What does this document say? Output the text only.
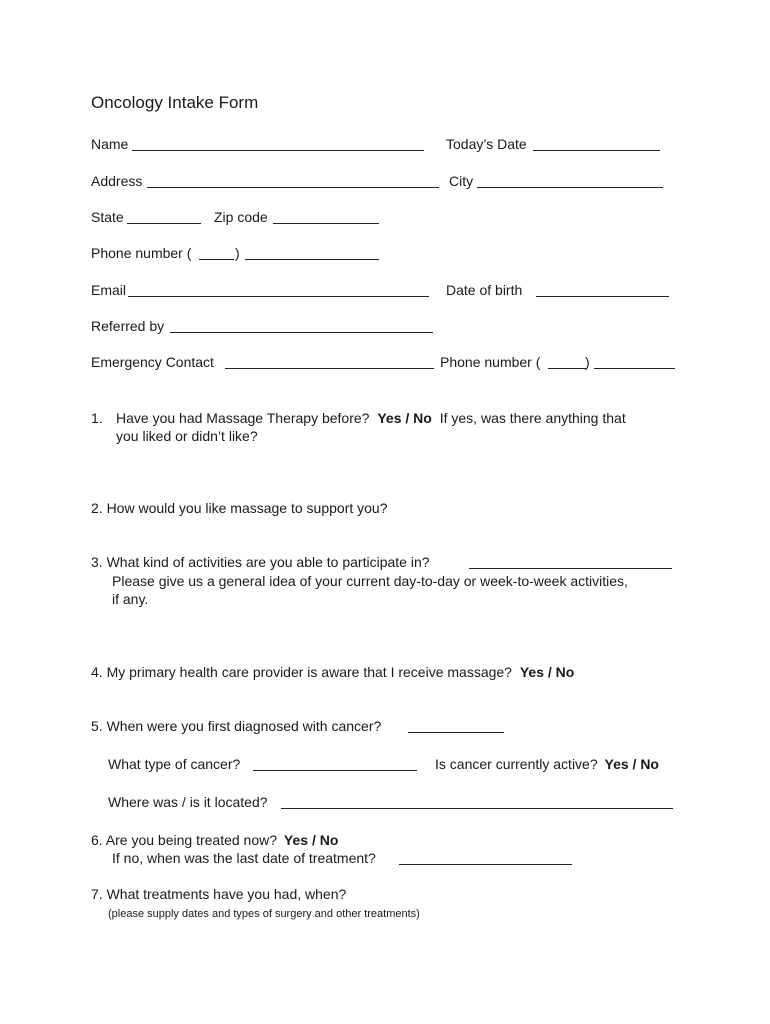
Oncology Intake Form
Name	Today’s Date
Address	City
State	Zip code
Phone number (	)
Email	Date of birth
Referred by
Emergency Contact	Phone number (	)
1. Have you had Massage Therapy before? Yes / No If yes, was there anything that
you liked or didn’t like?
2. How would you like massage to support you?
3. What kind of activities are you able to participate in?
Please give us a general idea of your current day-to-day or week-to-week activities,
if any.
4. My primary health care provider is aware that I receive massage? Yes / No
5. When were you first diagnosed with cancer?
What type of cancer?	Is cancer currently active? Yes / No
Where was / is it located?
6. Are you being treated now? Yes / No
If no, when was the last date of treatment?
7. What treatments have you had, when?
(please supply dates and types of surgery and other treatments)
